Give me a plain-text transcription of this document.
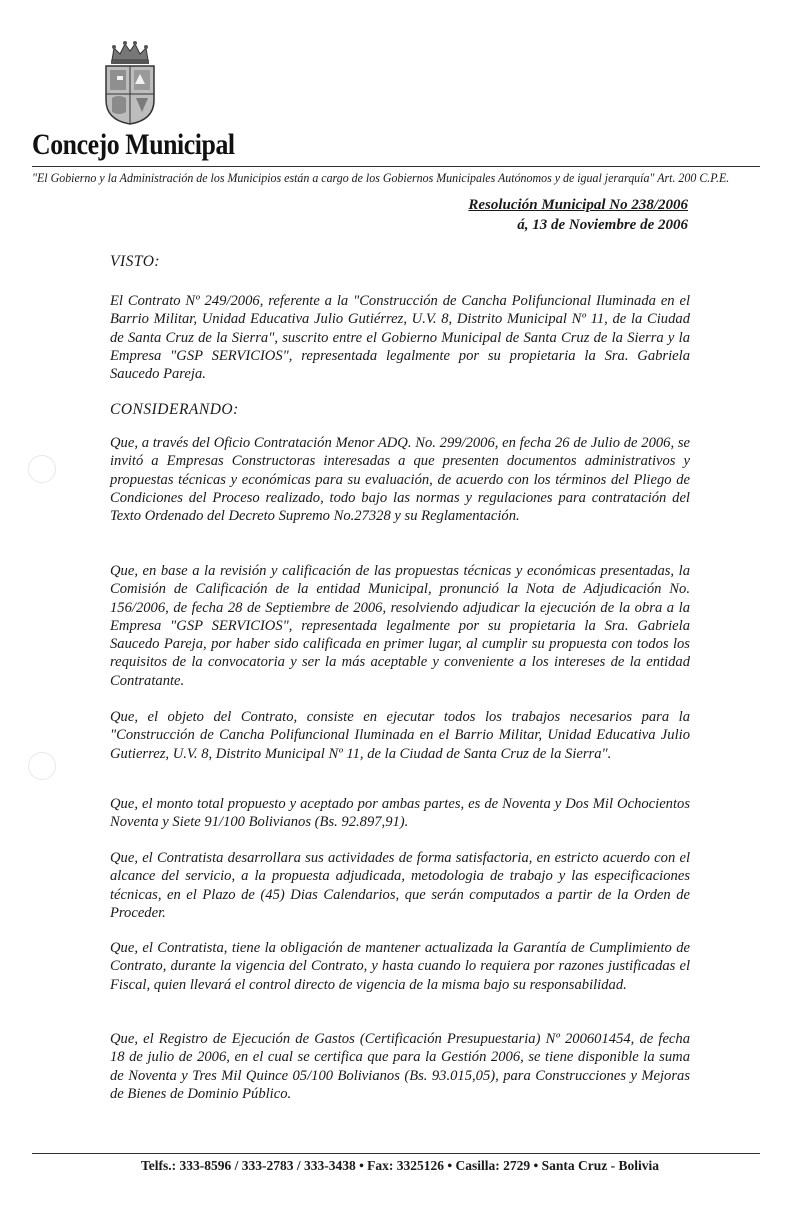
Concejo Municipal
"El Gobierno y la Administración de los Municipios están a cargo de los Gobiernos Municipales Autónomos y de igual jerarquía" Art. 200 C.P.E.
Resolución Municipal No 238/2006
á, 13 de Noviembre de 2006
VISTO:

El Contrato Nº 249/2006, referente a la "Construcción de Cancha Polifuncional Iluminada en el Barrio Militar, Unidad Educativa Julio Gutiérrez, U.V. 8, Distrito Municipal Nº 11, de la Ciudad de Santa Cruz de la Sierra", suscrito entre el Gobierno Municipal de Santa Cruz de la Sierra y la Empresa "GSP SERVICIOS", representada legalmente por su propietaria la Sra. Gabriela Saucedo Pareja.

CONSIDERANDO:

Que, a través del Oficio Contratación Menor ADQ. No. 299/2006, en fecha 26 de Julio de 2006, se invitó a Empresas Constructoras interesadas a que presenten documentos administrativos y propuestas técnicas y económicas para su evaluación, de acuerdo con los términos del Pliego de Condiciones del Proceso realizado, todo bajo las normas y regulaciones para contratación del Texto Ordenado del Decreto Supremo No.27328 y su Reglamentación.

Que, en base a la revisión y calificación de las propuestas técnicas y económicas presentadas, la Comisión de Calificación de la entidad Municipal, pronunció la Nota de Adjudicación No. 156/2006, de fecha 28 de Septiembre de 2006, resolviendo adjudicar la ejecución de la obra a la Empresa "GSP SERVICIOS", representada legalmente por su propietaria la Sra. Gabriela Saucedo Pareja, por haber sido calificada en primer lugar, al cumplir su propuesta con todos los requisitos de la convocatoria y ser la más aceptable y conveniente a los intereses de la entidad Contratante.

Que, el objeto del Contrato, consiste en ejecutar todos los trabajos necesarios para la "Construcción de Cancha Polifuncional Iluminada en el Barrio Militar, Unidad Educativa Julio Gutierrez, U.V. 8, Distrito Municipal Nº 11, de la Ciudad de Santa Cruz de la Sierra".

Que, el monto total propuesto y aceptado por ambas partes, es de Noventa y Dos Mil Ochocientos Noventa y Siete 91/100 Bolivianos (Bs. 92.897,91).

Que, el Contratista desarrollara sus actividades de forma satisfactoria, en estricto acuerdo con el alcance del servicio, a la propuesta adjudicada, metodologia de trabajo y las especificaciones técnicas, en el Plazo de (45) Dias Calendarios, que serán computados a partir de la Orden de Proceder.

Que, el Contratista, tiene la obligación de mantener actualizada la Garantía de Cumplimiento de Contrato, durante la vigencia del Contrato, y hasta cuando lo requiera por razones justificadas el Fiscal, quien llevará el control directo de vigencia de la misma bajo su responsabilidad.

Que, el Registro de Ejecución de Gastos (Certificación Presupuestaria) Nº 200601454, de fecha 18 de julio de 2006, en el cual se certifica que para la Gestión 2006, se tiene disponible la suma de Noventa y Tres Mil Quince 05/100 Bolivianos (Bs. 93.015,05), para Construcciones y Mejoras de Bienes de Dominio Público.

Telfs.: 333-8596 / 333-2783 / 333-3438 • Fax: 3325126 • Casilla: 2729 • Santa Cruz - Bolivia
